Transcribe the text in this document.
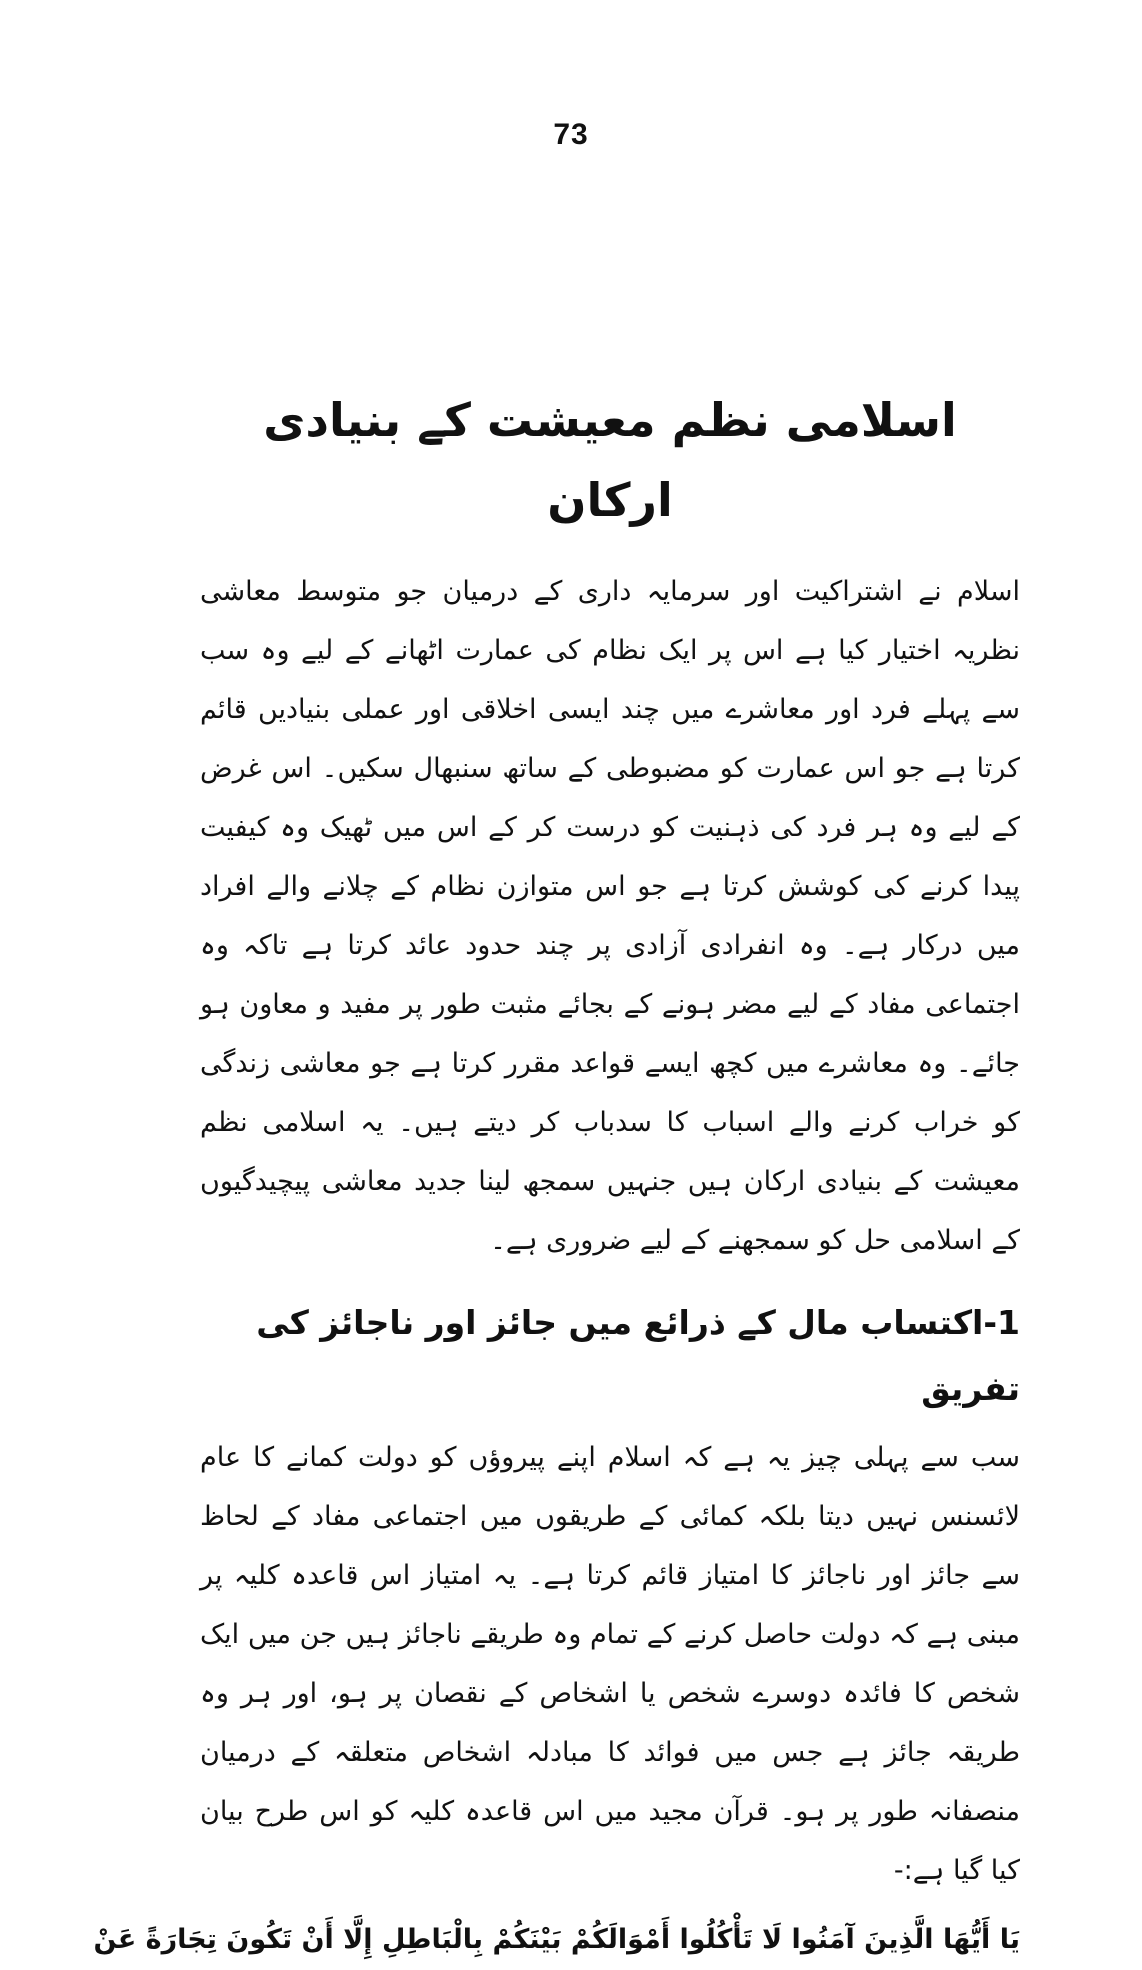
73
اسلامی نظم معیشت کے بنیادی ارکان

اسلام نے اشتراکیت اور سرمایہ داری کے درمیان جو متوسط معاشی نظریہ اختیار کیا ہے اس پر ایک نظام کی عمارت اٹھانے کے لیے وہ سب سے پہلے فرد اور معاشرے میں چند ایسی اخلاقی اور عملی بنیادیں قائم کرتا ہے جو اس عمارت کو مضبوطی کے ساتھ سنبھال سکیں۔ اس غرض کے لیے وہ ہر فرد کی ذہنیت کو درست کر کے اس میں ٹھیک وہ کیفیت پیدا کرنے کی کوشش کرتا ہے جو اس متوازن نظام کے چلانے والے افراد میں درکار ہے۔ وہ انفرادی آزادی پر چند حدود عائد کرتا ہے تاکہ وہ اجتماعی مفاد کے لیے مضر ہونے کے بجائے مثبت طور پر مفید و معاون ہو جائے۔ وہ معاشرے میں کچھ ایسے قواعد مقرر کرتا ہے جو معاشی زندگی کو خراب کرنے والے اسباب کا سدباب کر دیتے ہیں۔ یہ اسلامی نظم معیشت کے بنیادی ارکان ہیں جنہیں سمجھ لینا جدید معاشی پیچیدگیوں کے اسلامی حل کو سمجھنے کے لیے ضروری ہے۔

1-اکتساب مال کے ذرائع میں جائز اور ناجائز کی تفریق

سب سے پہلی چیز یہ ہے کہ اسلام اپنے پیروؤں کو دولت کمانے کا عام لائسنس نہیں دیتا بلکہ کمائی کے طریقوں میں اجتماعی مفاد کے لحاظ سے جائز اور ناجائز کا امتیاز قائم کرتا ہے۔ یہ امتیاز اس قاعدہ کلیہ پر مبنی ہے کہ دولت حاصل کرنے کے تمام وہ طریقے ناجائز ہیں جن میں ایک شخص کا فائدہ دوسرے شخص یا اشخاص کے نقصان پر ہو، اور ہر وہ طریقہ جائز ہے جس میں فوائد کا مبادلہ اشخاص متعلقہ کے درمیان منصفانہ طور پر ہو۔ قرآن مجید میں اس قاعدہ کلیہ کو اس طرح بیان کیا گیا ہے:-

يَا أَيُّهَا الَّذِينَ آمَنُوا لَا تَأْكُلُوا أَمْوَالَكُمْ بَيْنَكُمْ بِالْبَاطِلِ إِلَّا أَنْ تَكُونَ تِجَارَةً عَنْ
